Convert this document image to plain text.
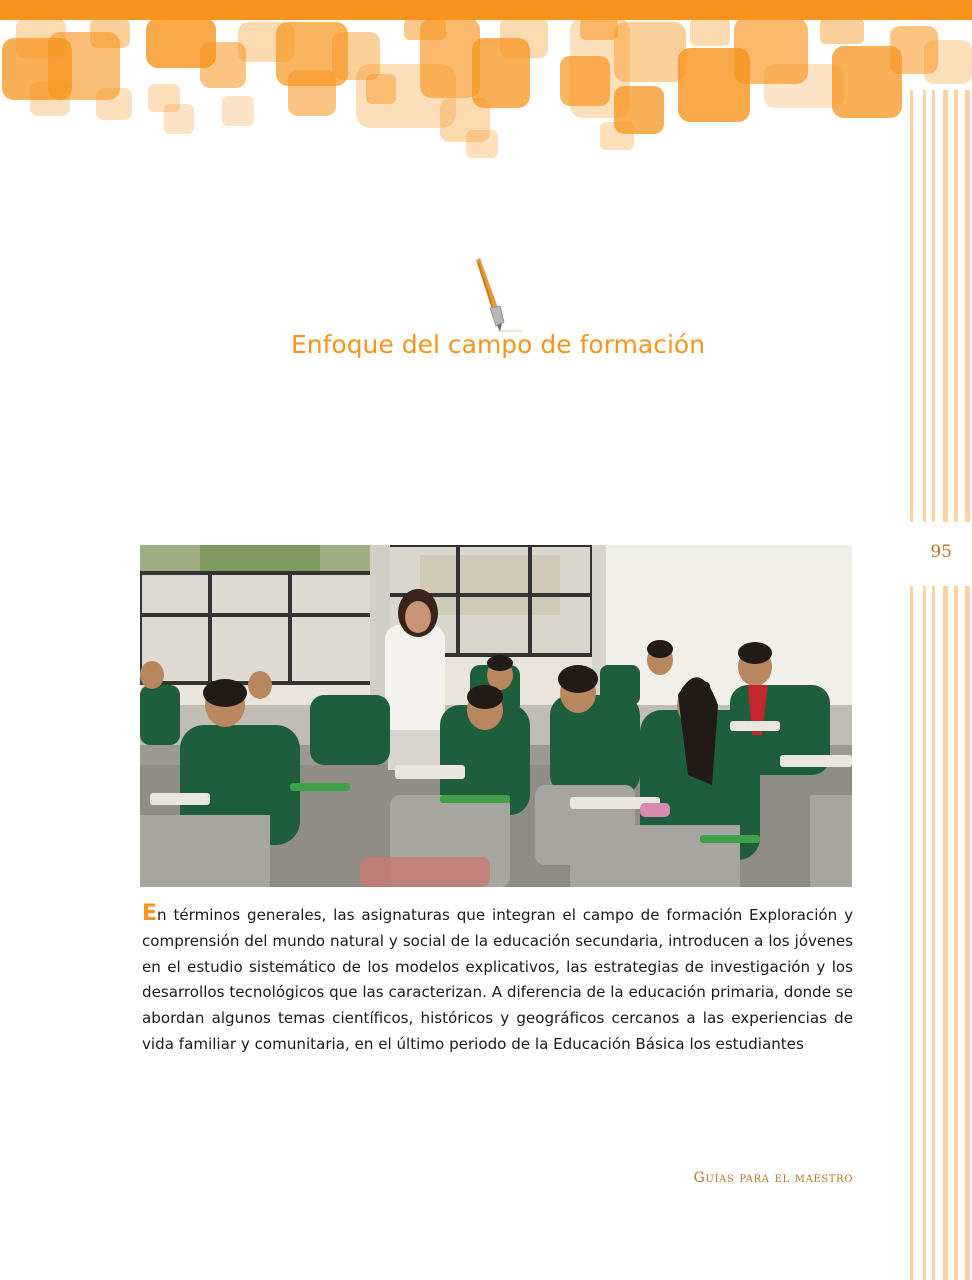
95
Enfoque del campo de formación

En términos generales, las asignaturas que integran el campo de formación Exploración y comprensión del mundo natural y social de la educación secundaria, introducen a los jóvenes en el estudio sistemático de los modelos explicativos, las estrategias de investigación y los desarrollos tecnológicos que las caracterizan. A diferencia de la educación primaria, donde se abordan algunos temas científicos, históricos y geográficos cercanos a las experiencias de vida familiar y comunitaria, en el último periodo de la Educación Básica los estudiantes

Guías para el maestro
